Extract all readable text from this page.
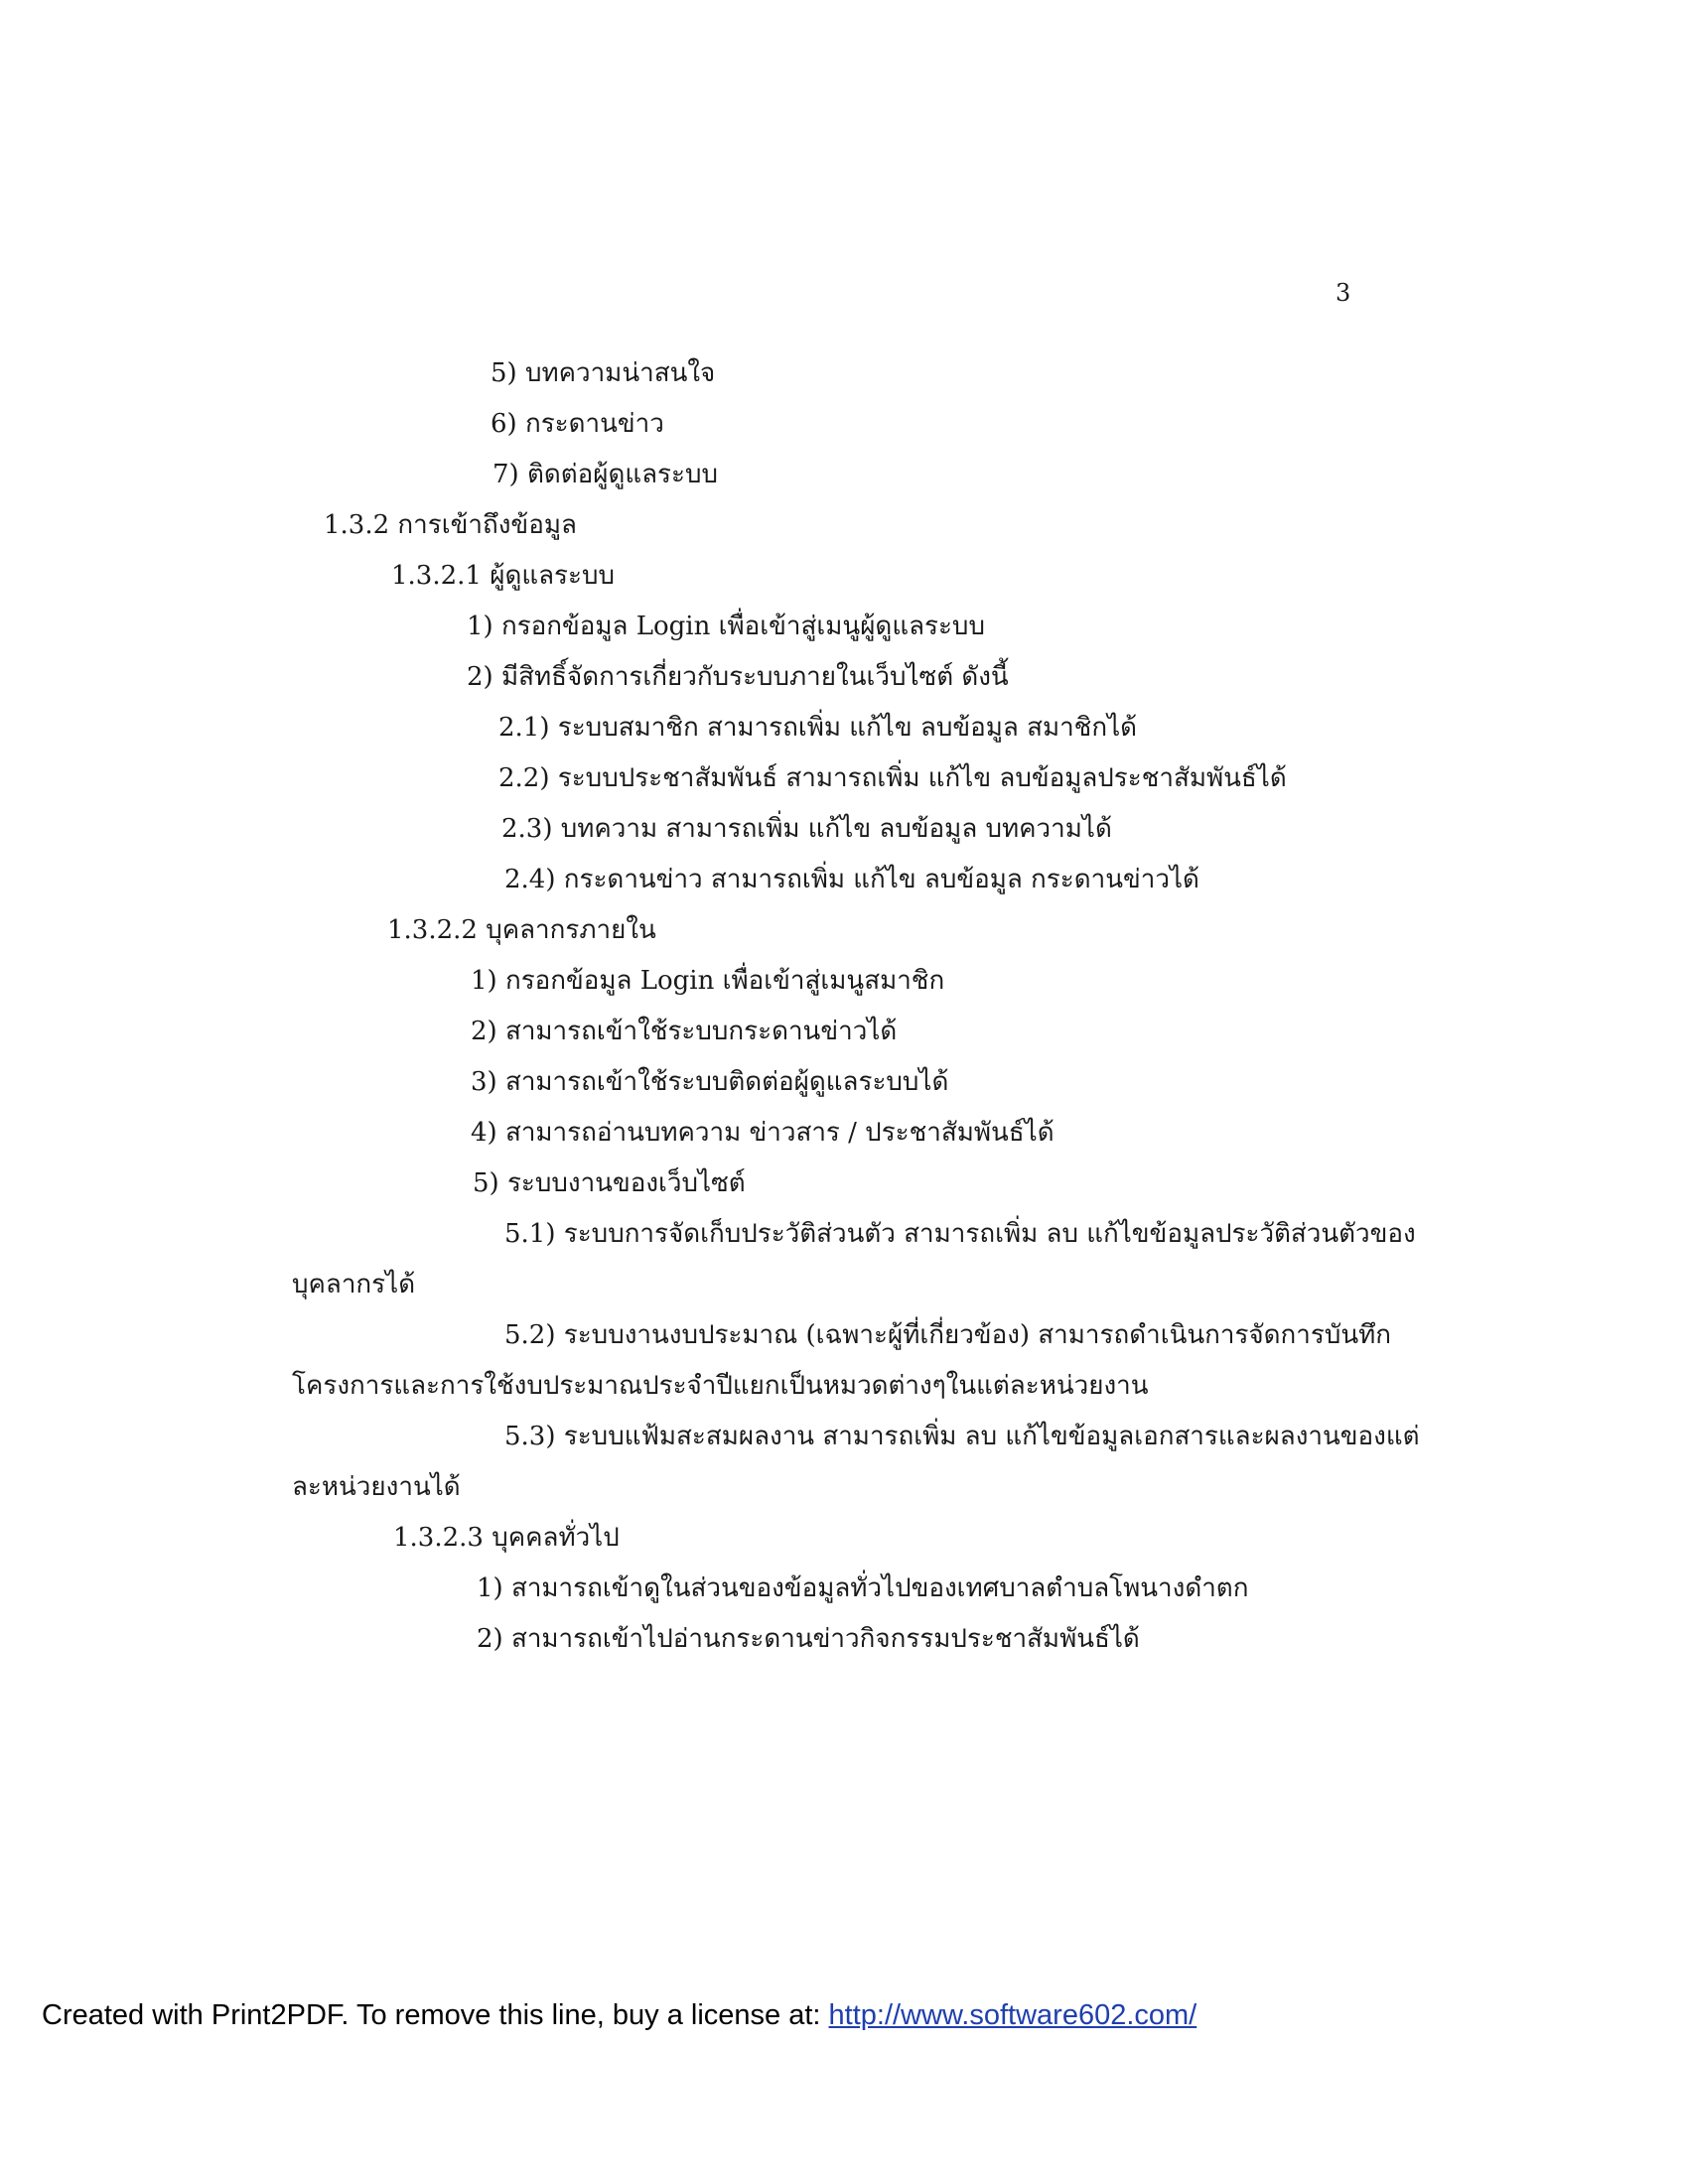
3
5) บทความน่าสนใจ
6) กระดานข่าว
7) ติดต่อผู้ดูแลระบบ
1.3.2 การเข้าถึงข้อมูล
1.3.2.1 ผู้ดูแลระบบ
1) กรอกข้อมูล Login เพื่อเข้าสู่เมนูผู้ดูแลระบบ
2) มีสิทธิ์จัดการเกี่ยวกับระบบภายในเว็บไซต์ ดังนี้
2.1) ระบบสมาชิก สามารถเพิ่ม แก้ไข ลบข้อมูล สมาชิกได้
2.2) ระบบประชาสัมพันธ์ สามารถเพิ่ม แก้ไข ลบข้อมูลประชาสัมพันธ์ได้
2.3) บทความ สามารถเพิ่ม แก้ไข ลบข้อมูล บทความได้
2.4) กระดานข่าว สามารถเพิ่ม แก้ไข ลบข้อมูล กระดานข่าวได้
1.3.2.2 บุคลากรภายใน
1) กรอกข้อมูล Login เพื่อเข้าสู่เมนูสมาชิก
2) สามารถเข้าใช้ระบบกระดานข่าวได้
3) สามารถเข้าใช้ระบบติดต่อผู้ดูแลระบบได้
4) สามารถอ่านบทความ ข่าวสาร / ประชาสัมพันธ์ได้
5) ระบบงานของเว็บไซต์
5.1) ระบบการจัดเก็บประวัติส่วนตัว สามารถเพิ่ม ลบ แก้ไขข้อมูลประวัติส่วนตัวของ
บุคลากรได้
5.2) ระบบงานงบประมาณ (เฉพาะผู้ที่เกี่ยวข้อง) สามารถดำเนินการจัดการบันทึก
โครงการและการใช้งบประมาณประจำปีแยกเป็นหมวดต่างๆในแต่ละหน่วยงาน
5.3) ระบบแฟ้มสะสมผลงาน สามารถเพิ่ม ลบ แก้ไขข้อมูลเอกสารและผลงานของแต่
ละหน่วยงานได้
1.3.2.3 บุคคลทั่วไป
1) สามารถเข้าดูในส่วนของข้อมูลทั่วไปของเทศบาลตำบลโพนางดำตก
2) สามารถเข้าไปอ่านกระดานข่าวกิจกรรมประชาสัมพันธ์ได้
Created with Print2PDF. To remove this line, buy a license at: http://www.software602.com/
